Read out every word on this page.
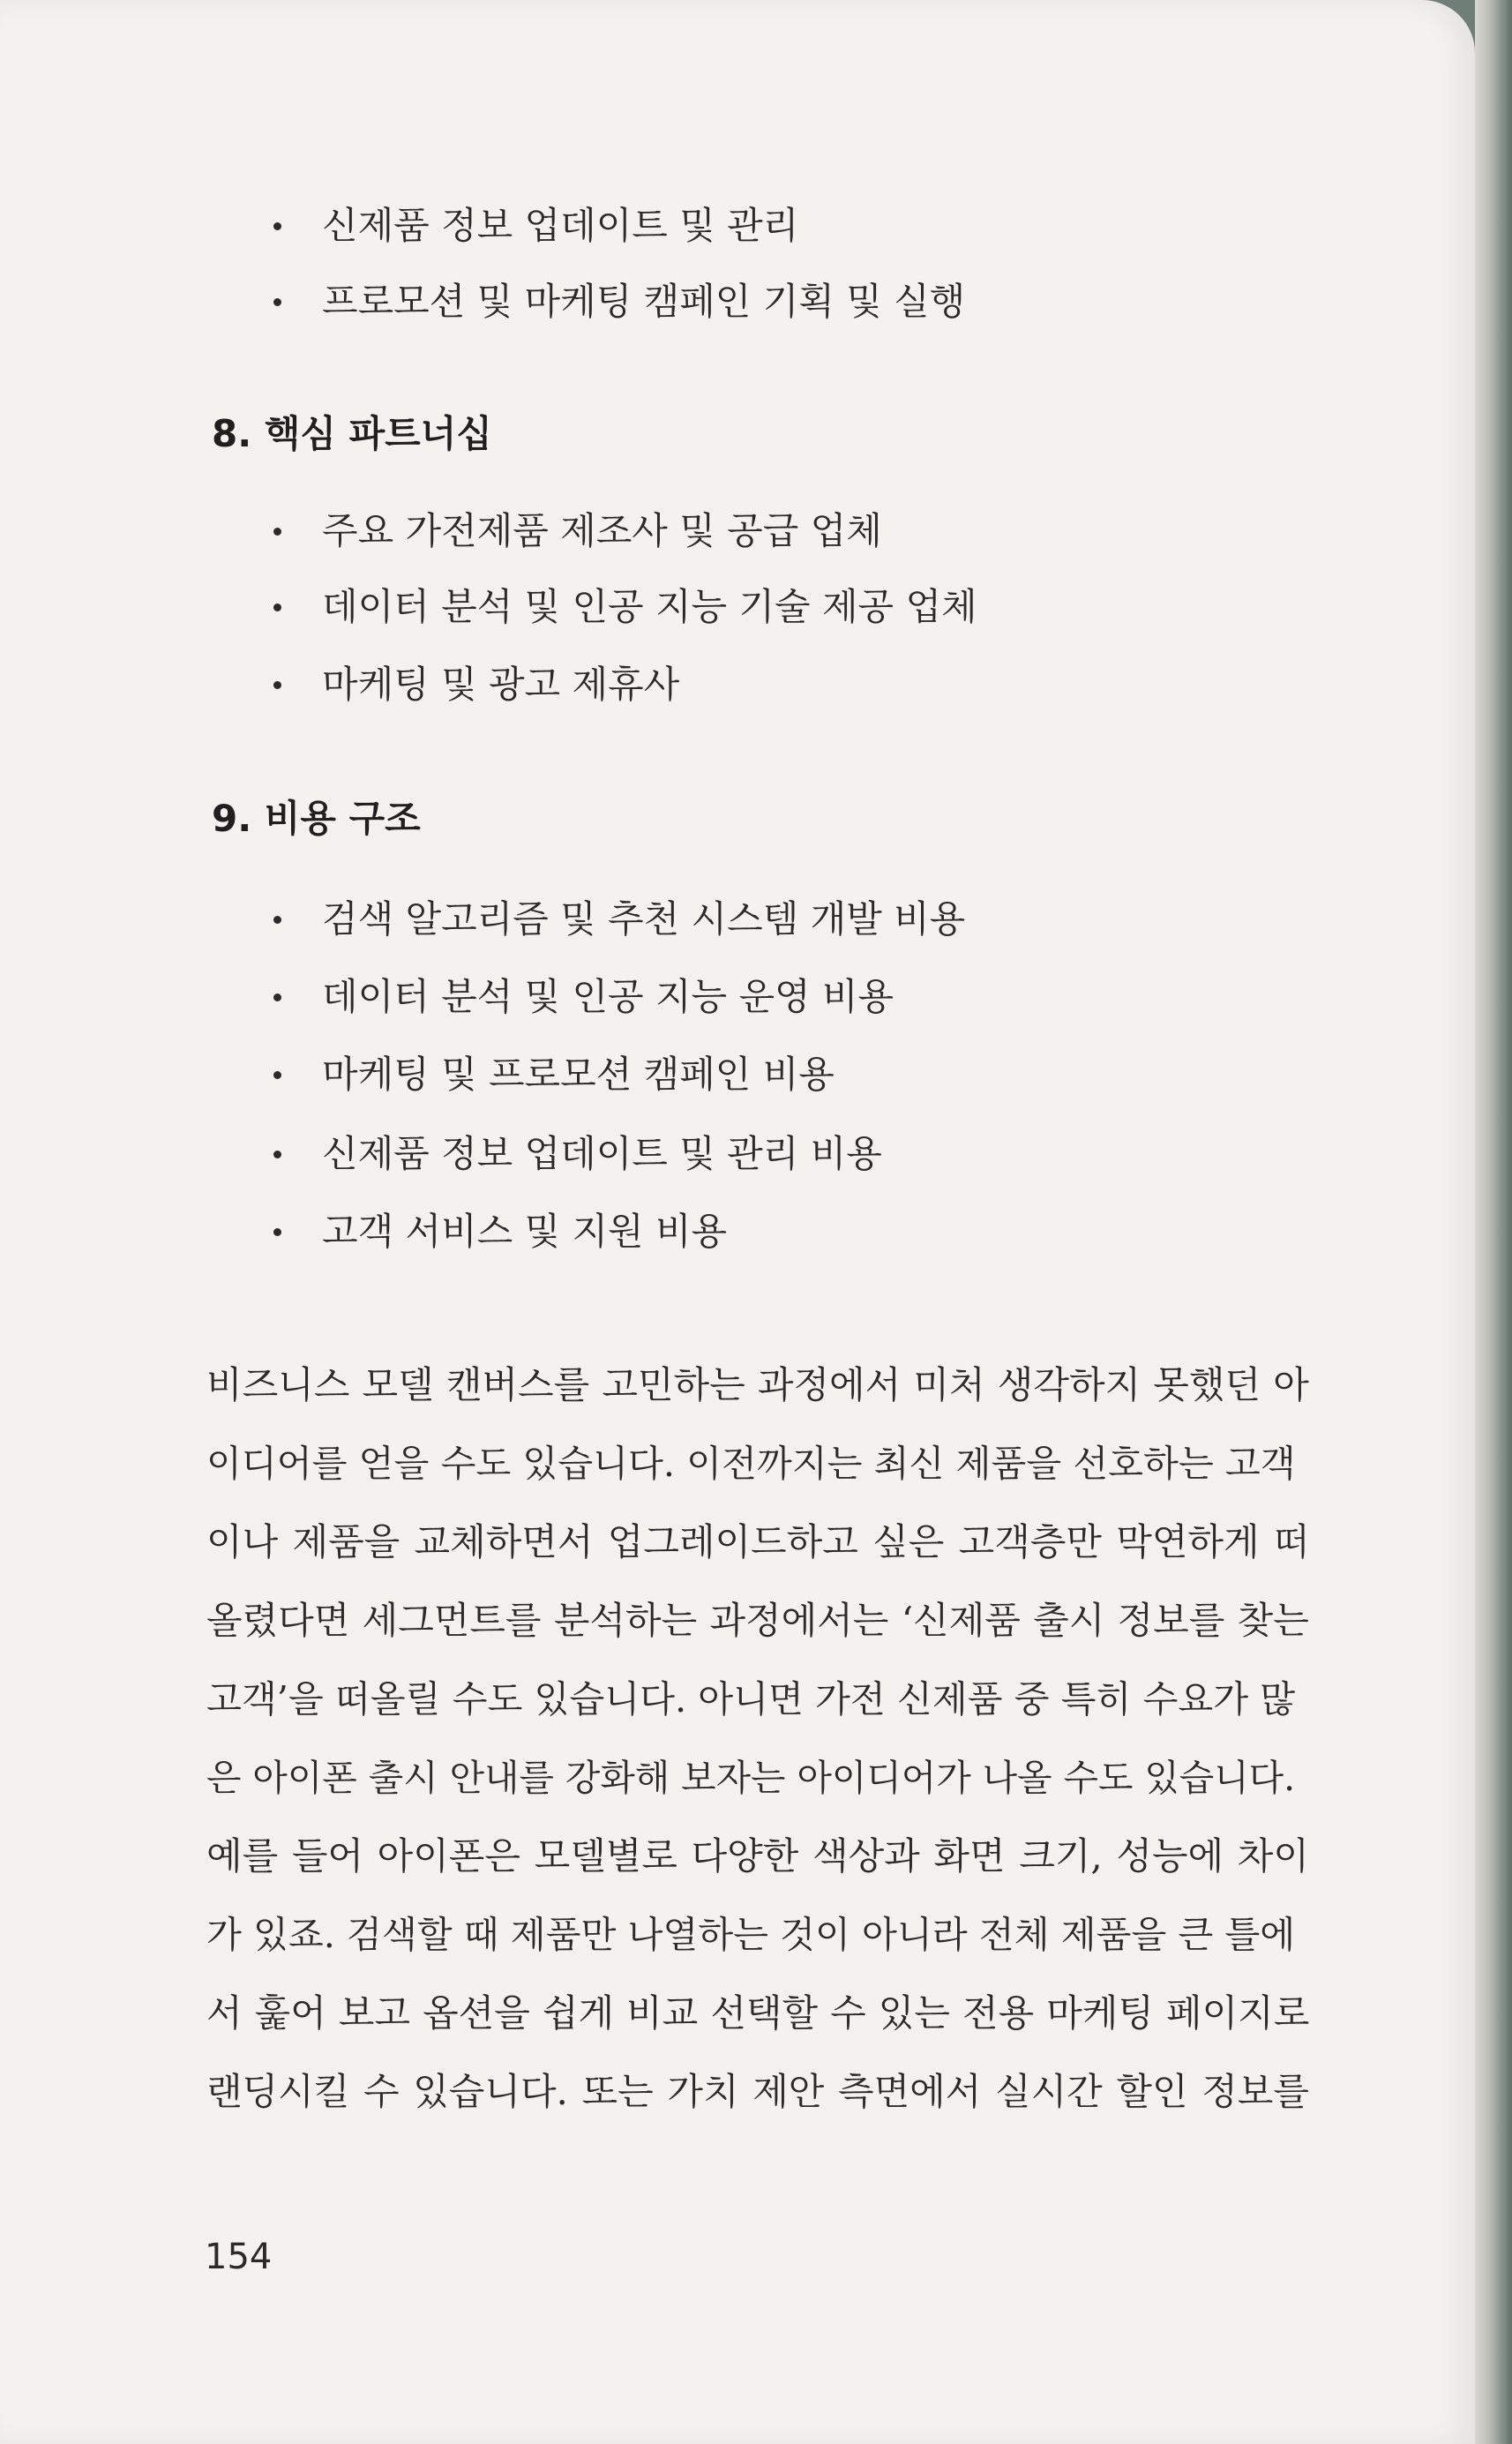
신제품 정보 업데이트 및 관리
프로모션 및 마케팅 캠페인 기획 및 실행
8. 핵심 파트너십
주요 가전제품 제조사 및 공급 업체
데이터 분석 및 인공 지능 기술 제공 업체
마케팅 및 광고 제휴사
9. 비용 구조
검색 알고리즘 및 추천 시스템 개발 비용
데이터 분석 및 인공 지능 운영 비용
마케팅 및 프로모션 캠페인 비용
신제품 정보 업데이트 및 관리 비용
고객 서비스 및 지원 비용
비즈니스 모델 캔버스를 고민하는 과정에서 미처 생각하지 못했던 아
이디어를 얻을 수도 있습니다. 이전까지는 최신 제품을 선호하는 고객
이나 제품을 교체하면서 업그레이드하고 싶은 고객층만 막연하게 떠
올렸다면 세그먼트를 분석하는 과정에서는 ‘신제품 출시 정보를 찾는
고객’을 떠올릴 수도 있습니다. 아니면 가전 신제품 중 특히 수요가 많
은 아이폰 출시 안내를 강화해 보자는 아이디어가 나올 수도 있습니다.
예를 들어 아이폰은 모델별로 다양한 색상과 화면 크기, 성능에 차이
가 있죠. 검색할 때 제품만 나열하는 것이 아니라 전체 제품을 큰 틀에
서 훑어 보고 옵션을 쉽게 비교 선택할 수 있는 전용 마케팅 페이지로
랜딩시킬 수 있습니다. 또는 가치 제안 측면에서 실시간 할인 정보를
154
